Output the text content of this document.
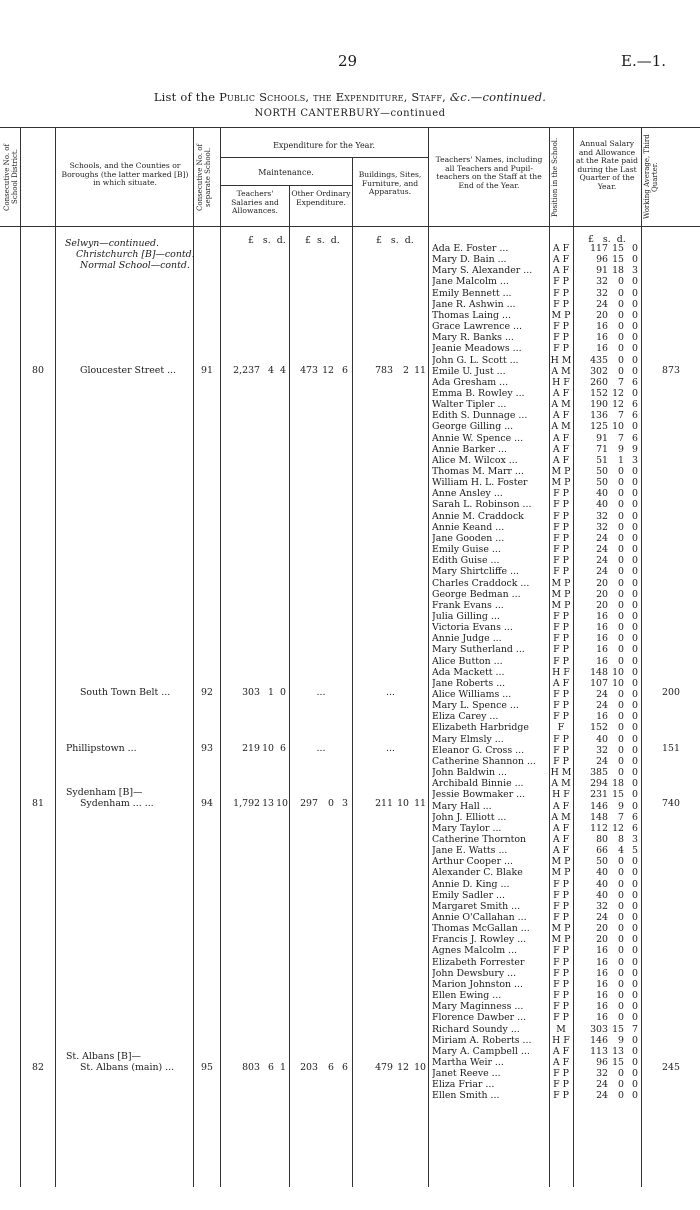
29	E.—1.
List of the Public Schools, the Expenditure, Staff, &c.—continued.
NORTH CANTERBURY—continued
Consecutive No. of School District.	Schools, and the Counties or Boroughs (the latter marked [B]) in which situate.	Consecutive No. of separate School.
Expenditure for the Year.
Maintenance.
Teachers' Salaries and Allowances.
Other Ordinary Expenditure.
Buildings, Sites, Furniture, and Apparatus.
Teachers' Names, including all Teachers and Pupil-teachers on the Staff at the End of the Year.	Position in the School.	Annual Salary and Allowance at the Rate paid during the Last Quarter of the Year.	Working Average, Third Quarter.
£ s. d. £ s. d.	£ s. d.	£ s. d.
Selwyn—continued.
Christchurch [B]—contd.
Normal School—contd.
80	Gloucester Street ...	91	2,237 4 4	473 12 6	783 2 11	873
South Town Belt ...	92	303 1 0	...	...	200
Phillipstown ...	93	219 10 6	...	...	151
Sydenham [B]—
81	Sydenham ... ...	94	1,792 13 10	297 0 3	211 10 11	740
St. Albans [B]—
82	St. Albans (main) ...	95	803 6 1	203 6 6	479 12 10	245
Ada E. Foster ...	A F	117 15 0
Mary D. Bain ...	A F	96 15 0
Mary S. Alexander ...	A F	91 18 3
Jane Malcolm ...	F P	32 0 0
Emily Bennett ...	F P	32 0 0
Jane R. Ashwin ...	F P	24 0 0
Thomas Laing ...	M P	20 0 0
Grace Lawrence ...	F P	16 0 0
Mary R. Banks ...	F P	16 0 0
Jeanie Meadows ...	F P	16 0 0
John G. L. Scott ...	H M	435 0 0
Emile U. Just ...	A M	302 0 0
Ada Gresham ...	H F	260 7 6
Emma B. Rowley ...	A F	152 12 0
Walter Tipler ...	A M	190 12 6
Edith S. Dunnage ...	A F	136 7 6
George Gilling ...	A M	125 10 0
Annie W. Spence ...	A F	91 7 6
Annie Barker ...	A F	71 9 9
Alice M. Wilcox ...	A F	51 1 3
Thomas M. Marr ...	M P	50 0 0
William H. L. Foster	M P	50 0 0
Anne Ansley ...	F P	40 0 0
Sarah L. Robinson ...	F P	40 0 0
Annie M. Craddock	F P	32 0 0
Annie Keand ...	F P	32 0 0
Jane Gooden ...	F P	24 0 0
Emily Guise ...	F P	24 0 0
Edith Guise ...	F P	24 0 0
Mary Shirtcliffe ...	F P	24 0 0
Charles Craddock ...	M P	20 0 0
George Bedman ...	M P	20 0 0
Frank Evans ...	M P	20 0 0
Julia Gilling ...	F P	16 0 0
Victoria Evans ...	F P	16 0 0
Annie Judge ...	F P	16 0 0
Mary Sutherland ...	F P	16 0 0
Alice Button ...	F P	16 0 0
Ada Mackett ...	H F	148 10 0
Jane Roberts ...	A F	107 10 0
Alice Williams ...	F P	24 0 0
Mary L. Spence ...	F P	24 0 0
Eliza Carey ...	F P	16 0 0
Elizabeth Harbridge	F	152 0 0
Mary Elmsly ...	F P	40 0 0
Eleanor G. Cross ...	F P	32 0 0
Catherine Shannon ...	F P	24 0 0
John Baldwin ...	H M	385 0 0
Archibald Binnie ...	A M	294 18 0
Jessie Bowmaker ...	H F	231 15 0
Mary Hall ...	A F	146 9 0
John J. Elliott ...	A M	148 7 6
Mary Taylor ...	A F	112 12 6
Catherine Thornton	A F	80 8 3
Jane E. Watts ...	A F	66 4 5
Arthur Cooper ...	M P	50 0 0
Alexander C. Blake	M P	40 0 0
Annie D. King ...	F P	40 0 0
Emily Sadler ...	F P	40 0 0
Margaret Smith ...	F P	32 0 0
Annie O'Callahan ...	F P	24 0 0
Thomas McGallan ...	M P	20 0 0
Francis J. Rowley ...	M P	20 0 0
Agnes Malcolm ...	F P	16 0 0
Elizabeth Forrester	F P	16 0 0
John Dewsbury ...	F P	16 0 0
Marion Johnston ...	F P	16 0 0
Ellen Ewing ...	F P	16 0 0
Mary Maginness ...	F P	16 0 0
Florence Dawber ...	F P	16 0 0
Richard Soundy ...	M	303 15 7
Miriam A. Roberts ...	H F	146 9 0
Mary A. Campbell ...	A F	113 13 0
Martha Weir ...	A F	96 15 0
Janet Reeve ...	F P	32 0 0
Eliza Friar ...	F P	24 0 0
Ellen Smith ...	F P	24 0 0
